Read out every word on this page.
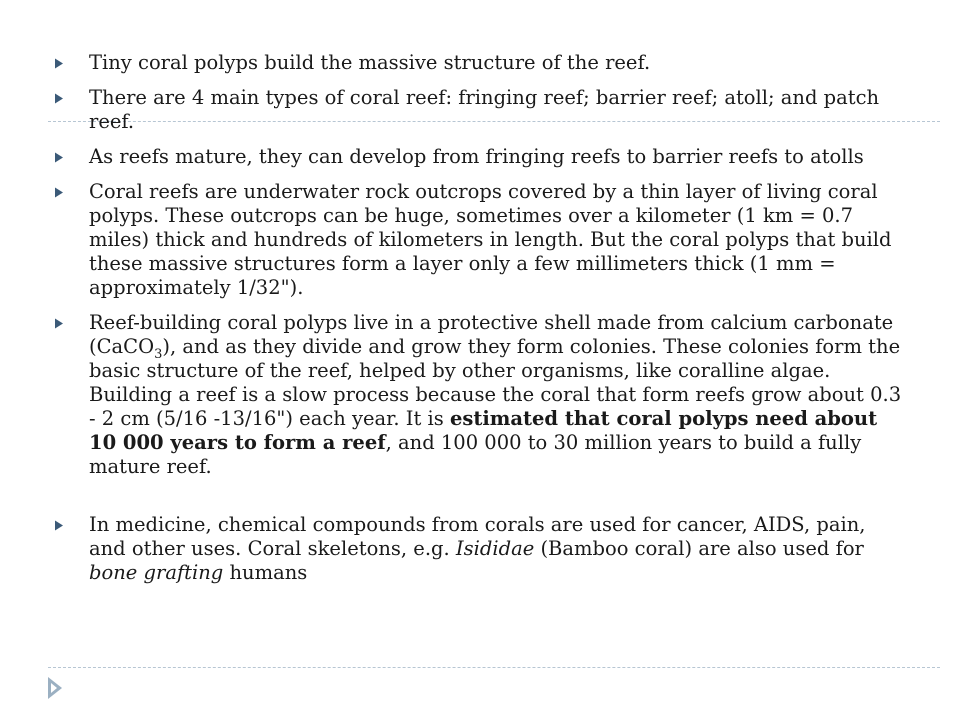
Tiny coral polyps build the massive structure of the reef.
There are 4 main types of coral reef: fringing reef; barrier reef; atoll; and patch reef.
As reefs mature, they can develop from fringing reefs to barrier reefs to atolls
Coral reefs are underwater rock outcrops covered by a thin layer of living coral polyps. These outcrops can be huge, sometimes over a kilometer (1 km = 0.7 miles) thick and hundreds of kilometers in length. But the coral polyps that build these massive structures form a layer only a few millimeters thick (1 mm = approximately 1/32").
Reef-building coral polyps live in a protective shell made from calcium carbonate (CaCO$_3$), and as they divide and grow they form colonies. These colonies form the basic structure of the reef, helped by other organisms, like coralline algae. Building a reef is a slow process because the coral that form reefs grow about 0.3 - 2 cm (5/16 -13/16") each year. It is estimated that coral polyps need about 10 000 years to form a reef, and 100 000 to 30 million years to build a fully mature reef.
In medicine, chemical compounds from corals are used for cancer, AIDS, pain, and other uses. Coral skeletons, e.g. Isididae (Bamboo coral) are also used for bone grafting humans
